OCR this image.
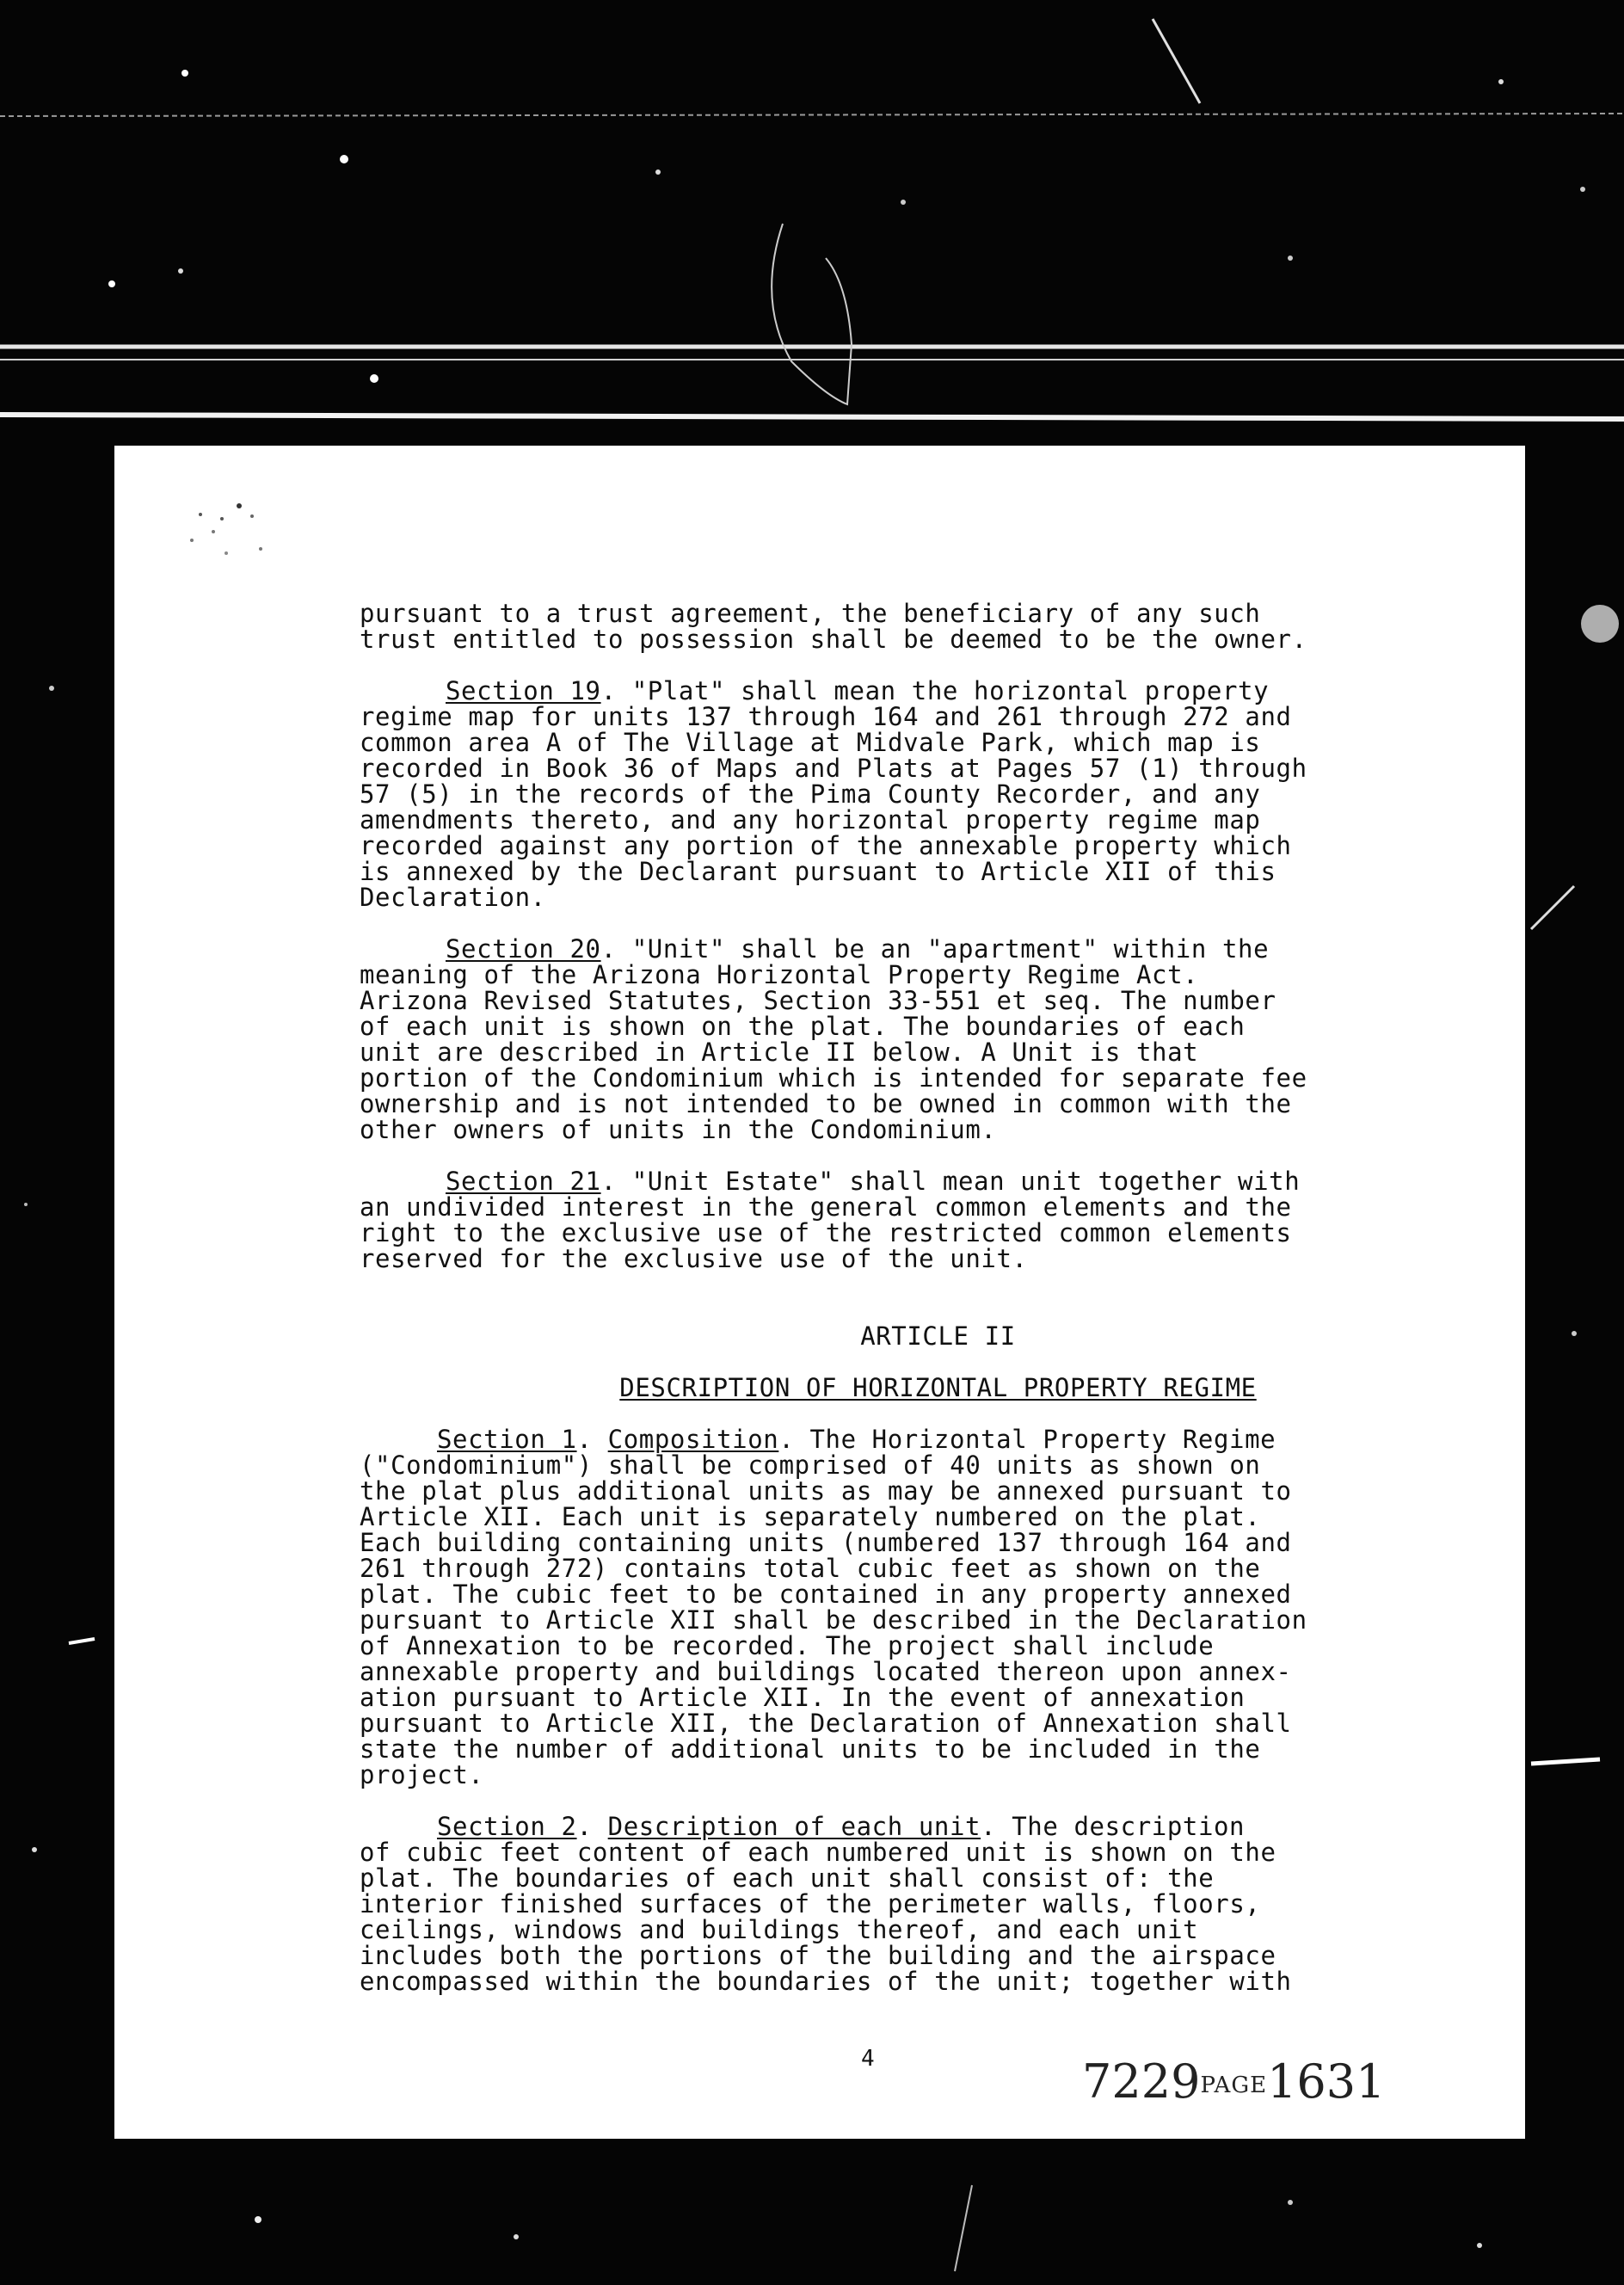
pursuant to a trust agreement, the beneficiary of any such
trust entitled to possession shall be deemed to be the owner.

Section 19. "Plat" shall mean the horizontal property
regime map for units 137 through 164 and 261 through 272 and
common area A of The Village at Midvale Park, which map is
recorded in Book 36 of Maps and Plats at Pages 57 (1) through
57 (5) in the records of the Pima County Recorder, and any
amendments thereto, and any horizontal property regime map
recorded against any portion of the annexable property which
is annexed by the Declarant pursuant to Article XII of this
Declaration.

Section 20. "Unit" shall be an "apartment" within the
meaning of the Arizona Horizontal Property Regime Act.
Arizona Revised Statutes, Section 33-551 et seq. The number
of each unit is shown on the plat. The boundaries of each
unit are described in Article II below. A Unit is that
portion of the Condominium which is intended for separate fee
ownership and is not intended to be owned in common with the
other owners of units in the Condominium.

Section 21. "Unit Estate" shall mean unit together with
an undivided interest in the general common elements and the
right to the exclusive use of the restricted common elements
reserved for the exclusive use of the unit.

ARTICLE II
DESCRIPTION OF HORIZONTAL PROPERTY REGIME

Section 1. Composition. The Horizontal Property Regime
("Condominium") shall be comprised of 40 units as shown on
the plat plus additional units as may be annexed pursuant to
Article XII. Each unit is separately numbered on the plat.
Each building containing units (numbered 137 through 164 and
261 through 272) contains total cubic feet as shown on the
plat. The cubic feet to be contained in any property annexed
pursuant to Article XII shall be described in the Declaration
of Annexation to be recorded. The project shall include
annexable property and buildings located thereon upon annex-
ation pursuant to Article XII. In the event of annexation
pursuant to Article XII, the Declaration of Annexation shall
state the number of additional units to be included in the
project.

Section 2. Description of each unit. The description
of cubic feet content of each numbered unit is shown on the
plat. The boundaries of each unit shall consist of: the
interior finished surfaces of the perimeter walls, floors,
ceilings, windows and buildings thereof, and each unit
includes both the portions of the building and the airspace
encompassed within the boundaries of the unit; together with

4	7229PAGE1631
